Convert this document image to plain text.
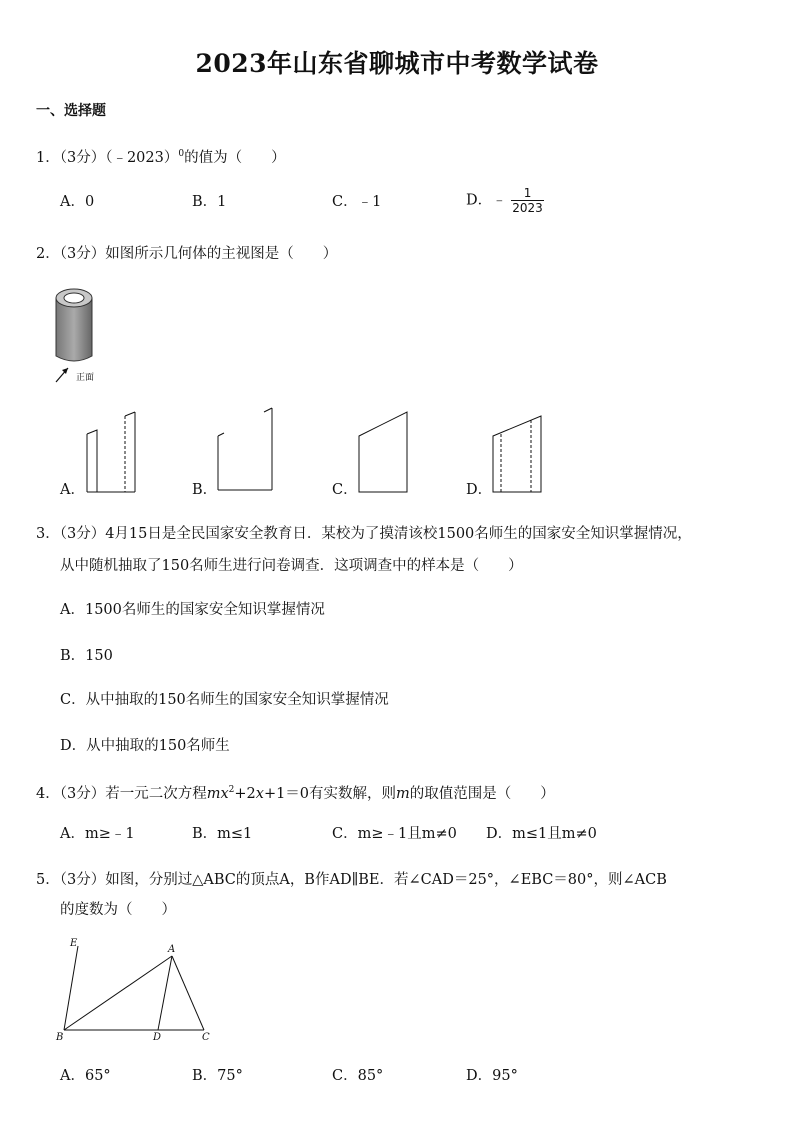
2023年山东省聊城市中考数学试卷
一、选择题
1．（3分）（﹣2023）$^0$的值为（　　）
A．0	B．1	C．﹣1	D．﹣ $\frac{1}{2023}$
2．（3分）如图所示几何体的主视图是（　　）
正面
A．	B．	C．	D．
3．（3分）4月15日是全民国家安全教育日．某校为了摸清该校1500名师生的国家安全知识掌握情况，
从中随机抽取了150名师生进行问卷调查．这项调查中的样本是（　　）
A．1500名师生的国家安全知识掌握情况
B．150
C．从中抽取的150名师生的国家安全知识掌握情况
D．从中抽取的150名师生
4．（3分）若一元二次方程$mx^2+2x+1=0$有实数解，则m的取值范围是（　　）
A．m≥﹣1	B．m≤1	C．m≥﹣1且m≠0 D．m≤1且m≠0
5．（3分）如图，分别过△ABC的顶点A，B作AD∥BE．若∠CAD＝25°，∠EBC＝80°，则∠ACB
的度数为（　　）
E
A
B	D	C
A．65°	B．75°	C．85°	D．95°
